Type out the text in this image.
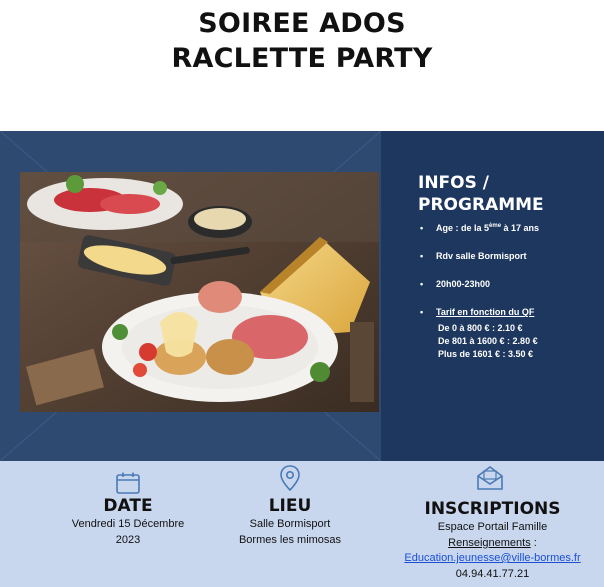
SOIREE ADOS
RACLETTE PARTY
INFOS /
PROGRAMME
• Age : de la 5ème à 17 ans
• Rdv salle Bormisport
• 20h00-23h00
• Tarif en fonction du QF
De 0 à 800 € : 2.10 €
De 801 à 1600 € : 2.80 €
Plus de 1601 € : 3.50 €
DATE
Vendredi 15 Décembre
2023
LIEU
Salle Bormisport
Bormes les mimosas
INSCRIPTIONS
Espace Portail Famille
Renseignements :
Education.jeunesse@ville-bormes.fr
04.94.41.77.21
